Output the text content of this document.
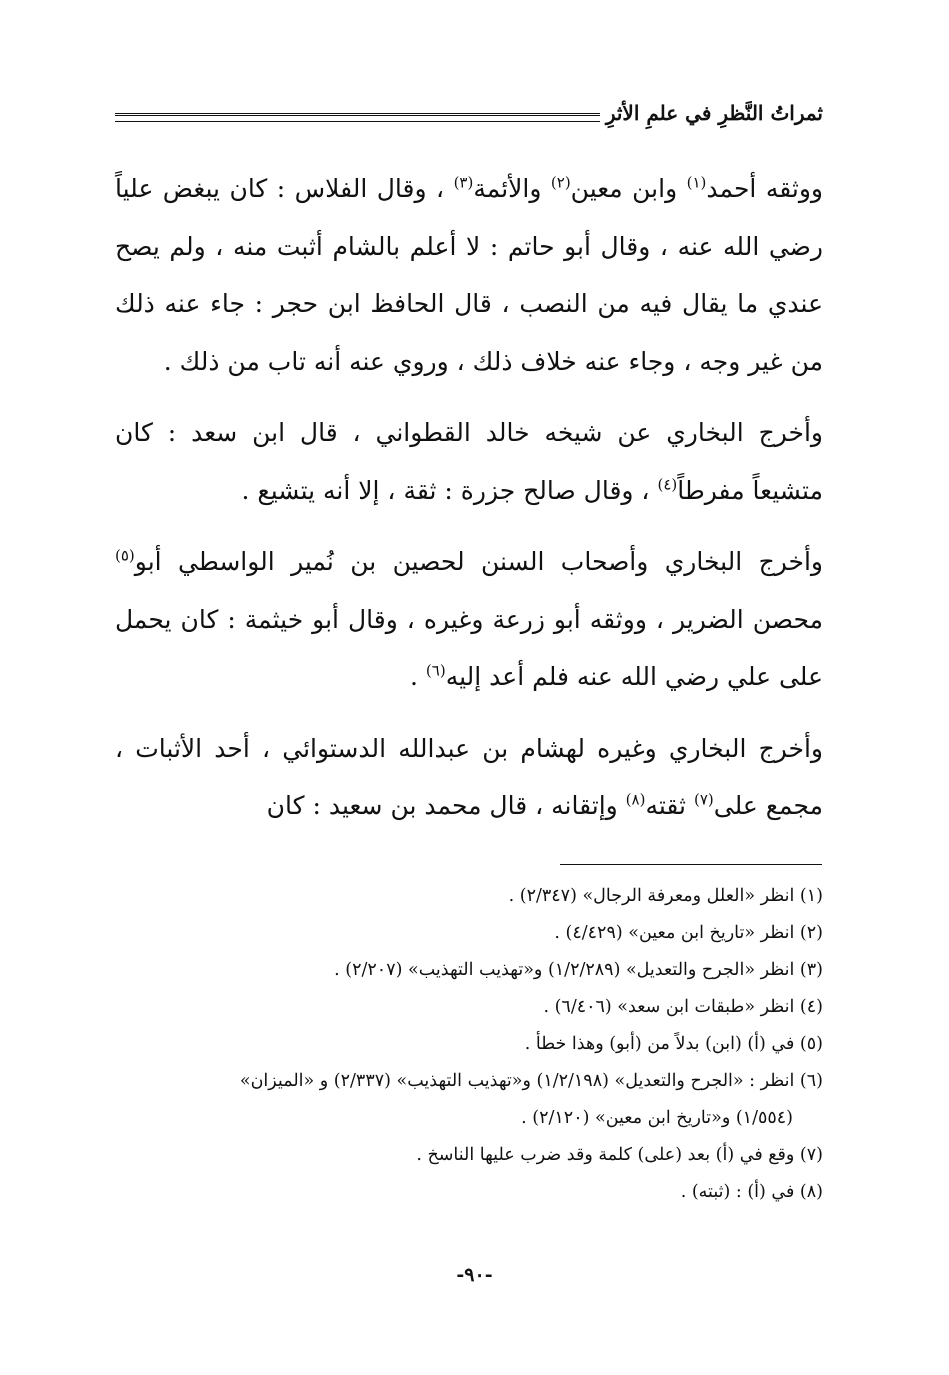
ثمراتُ النَّظرِ في علمِ الأثرِ

ووثقه أحمد$^{(١)}$ وابن معين$^{(٢)}$ والأئمة$^{(٣)}$ ، وقال الفلاس : كان يبغض علياً رضي الله عنه ، وقال أبو حاتم : لا أعلم بالشام أثبت منه ، ولم يصح عندي ما يقال فيه من النصب ، قال الحافظ ابن حجر : جاء عنه ذلك من غير وجه ، وجاء عنه خلاف ذلك ، وروي عنه أنه تاب من ذلك .

وأخرج البخاري عن شيخه خالد القطواني ، قال ابن سعد : كان متشيعاً مفرطاً$^{(٤)}$ ، وقال صالح جزرة : ثقة ، إلا أنه يتشيع .

وأخرج البخاري وأصحاب السنن لحصين بن نُمير الواسطي أبو$^{(٥)}$ محصن الضرير ، ووثقه أبو زرعة وغيره ، وقال أبو خيثمة : كان يحمل على علي رضي الله عنه فلم أعد إليه$^{(٦)}$ .

وأخرج البخاري وغيره لهشام بن عبدالله الدستوائي ، أحد الأثبات ، مجمع على$^{(٧)}$ ثقته$^{(٨)}$ وإتقانه ، قال محمد بن سعيد : كان

(١) انظر «العلل ومعرفة الرجال» (٢/٣٤٧) .
(٢) انظر «تاريخ ابن معين» (٤/٤٢٩) .
(٣) انظر «الجرح والتعديل» (١/٢/٢٨٩) و«تهذيب التهذيب» (٢/٢٠٧) .
(٤) انظر «طبقات ابن سعد» (٦/٤٠٦) .
(٥) في (أ) (ابن) بدلاً من (أبو) وهذا خطأ .
(٦) انظر : «الجرح والتعديل» (١/٢/١٩٨) و«تهذيب التهذيب» (٢/٣٣٧) و «الميزان»
(١/٥٥٤) و«تاريخ ابن معين» (٢/١٢٠) .
(٧) وقع في (أ) بعد (على) كلمة وقد ضرب عليها الناسخ .
(٨) في (أ) : (ثبته) .
-٩٠-
